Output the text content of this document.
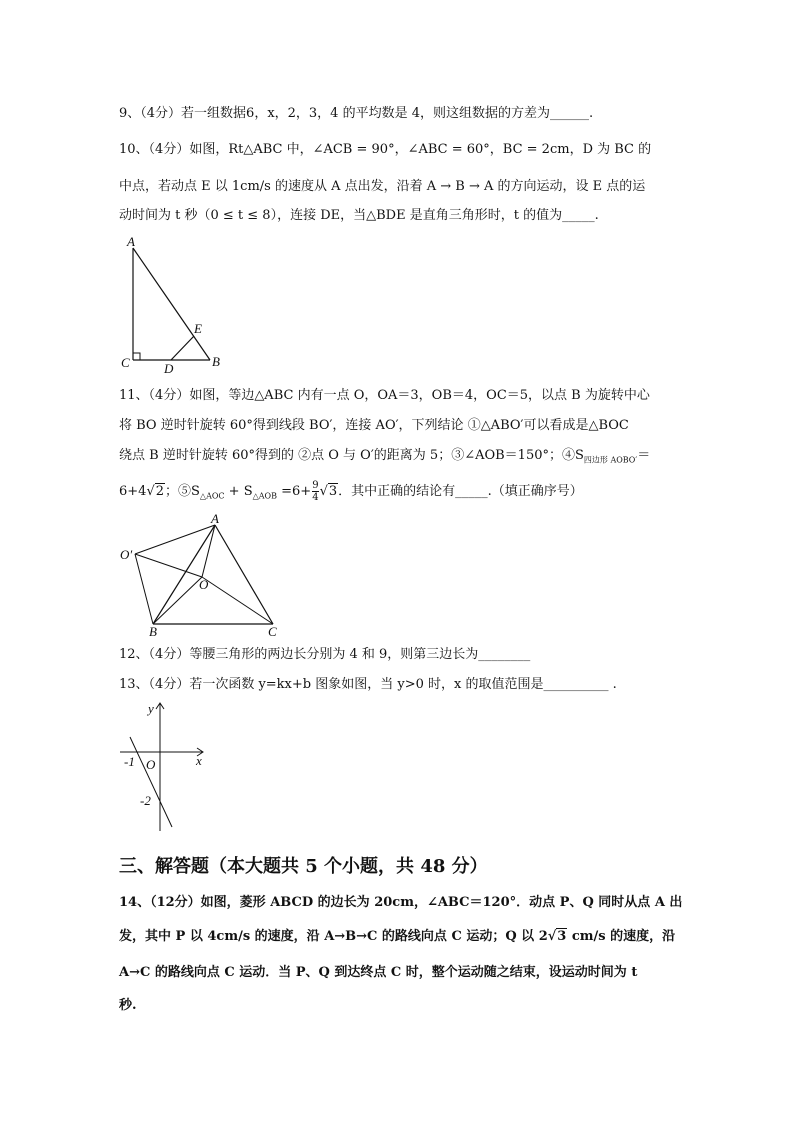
9、（4分）若一组数据6，x，2，3，4 的平均数是 4，则这组数据的方差为______.
10、（4分）如图，Rt△ABC 中，∠ACB = 90°，∠ABC = 60°，BC = 2cm，D 为 BC 的
中点，若动点 E 以 1cm/s 的速度从 A 点出发，沿着 A → B → A 的方向运动，设 E 点的运
动时间为 t 秒（0 ≤ t ≤ 8），连接 DE，当△BDE 是直角三角形时，t 的值为_____.
A
C	D	B
E
11、（4分）如图，等边△ABC 内有一点 O，OA＝3，OB＝4，OC＝5，以点 B 为旋转中心
将 BO 逆时针旋转 60°得到线段 BO′，连接 AO′，下列结论 ①△ABO′可以看成是△BOC
绕点 B 逆时针旋转 60°得到的 ②点 O 与 O′的距离为 5；③∠AOB＝150°；$④S_{四边形 AOBO'}=$
6+4√2；$⑤S_{\triangle AOC} + S_{\triangle AOB} =6+ \frac{9}{4} √3$．其中正确的结论有_____.（填正确序号）
A
O′
O
B	C
12、（4分）等腰三角形的两边长分别为 4 和 9，则第三边长为________
13、（4分）若一次函数 y=kx+b 图象如图，当 y>0 时，x 的取值范围是__________ .
y
x
O
-1
-2
三、解答题（本大题共 5 个小题，共 48 分）
14、（12分）如图，菱形 ABCD 的边长为 20cm，∠ABC＝120°．动点 P、Q 同时从点 A 出
发，其中 P 以 4cm/s 的速度，沿 A→B→C 的路线向点 C 运动；Q 以 2√3 cm/s 的速度，沿
A→C 的路线向点 C 运动．当 P、Q 到达终点 C 时，整个运动随之结束，设运动时间为 t
秒.
